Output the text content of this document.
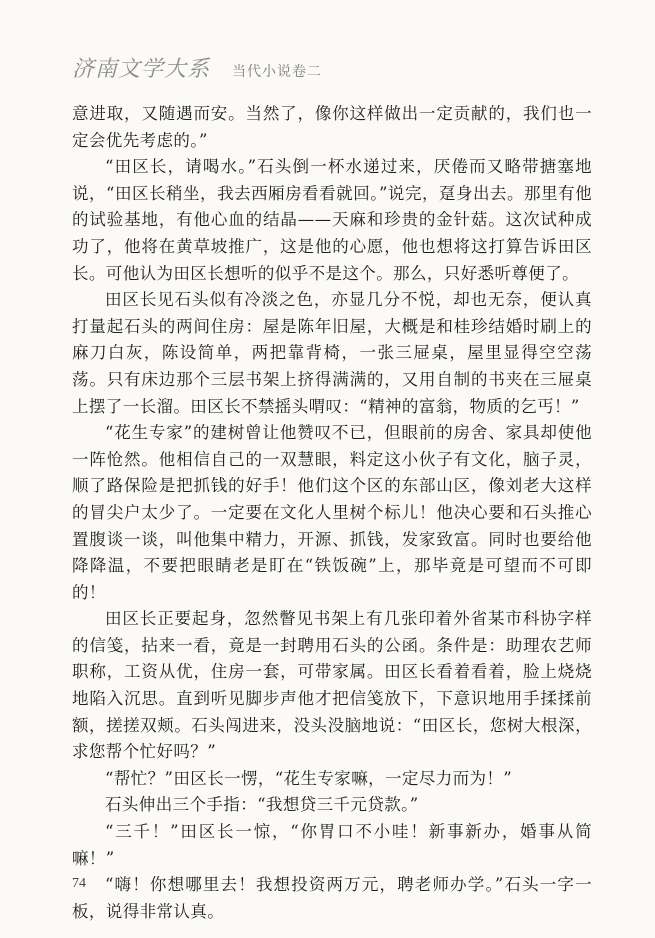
济南文学大系 当代小说卷二

意进取，又随遇而安。当然了，像你这样做出一定贡献的，我们也一定会优先考虑的。”

“田区长，请喝水。”石头倒一杯水递过来，厌倦而又略带搪塞地说，“田区长稍坐，我去西厢房看看就回。”说完，趸身出去。那里有他的试验基地，有他心血的结晶——天麻和珍贵的金针菇。这次试种成功了，他将在黄草坡推广，这是他的心愿，他也想将这打算告诉田区长。可他认为田区长想听的似乎不是这个。那么，只好悉听尊便了。

田区长见石头似有冷淡之色，亦显几分不悦，却也无奈，便认真打量起石头的两间住房：屋是陈年旧屋，大概是和桂珍结婚时刷上的麻刀白灰，陈设简单，两把靠背椅，一张三屉桌，屋里显得空空荡荡。只有床边那个三层书架上挤得满满的，又用自制的书夹在三屉桌上摆了一长溜。田区长不禁摇头喟叹：“精神的富翁，物质的乞丐！”

“花生专家”的建树曾让他赞叹不已，但眼前的房舍、家具却使他一阵怆然。他相信自己的一双慧眼，料定这小伙子有文化，脑子灵，顺了路保险是把抓钱的好手！他们这个区的东部山区，像刘老大这样的冒尖户太少了。一定要在文化人里树个标儿！他决心要和石头推心置腹谈一谈，叫他集中精力，开源、抓钱，发家致富。同时也要给他降降温，不要把眼睛老是盯在“铁饭碗”上，那毕竟是可望而不可即的！

田区长正要起身，忽然瞥见书架上有几张印着外省某市科协字样的信笺，拈来一看，竟是一封聘用石头的公函。条件是：助理农艺师职称，工资从优，住房一套，可带家属。田区长看着看着，脸上烧烧地陷入沉思。直到听见脚步声他才把信笺放下，下意识地用手揉揉前额，搓搓双颊。石头闯进来，没头没脑地说：“田区长，您树大根深，求您帮个忙好吗？”

“帮忙？”田区长一愣，“花生专家嘛，一定尽力而为！”

石头伸出三个手指：“我想贷三千元贷款。”

“三千！”田区长一惊，“你胃口不小哇！新事新办，婚事从简嘛！”

“嗨！你想哪里去！我想投资两万元，聘老师办学。”石头一字一板，说得非常认真。

74
